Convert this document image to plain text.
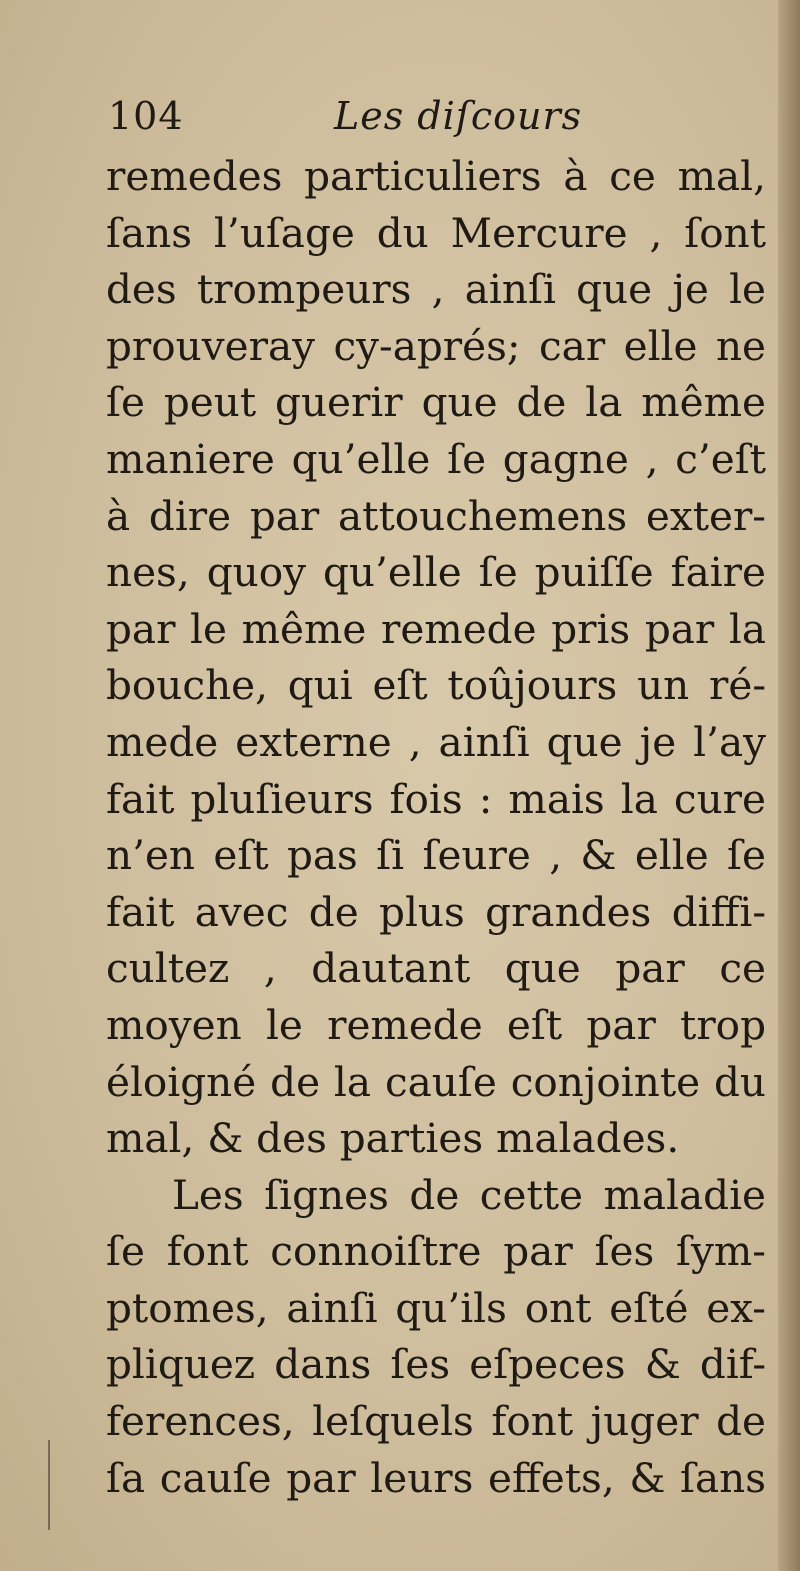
104	Les diſcours
remedes particuliers à ce mal,
ſans l’uſage du Mercure , ſont
des trompeurs , ainſi que je le
prouveray cy-aprés; car elle ne
ſe peut guerir que de la même
maniere qu’elle ſe gagne , c’eſt
à dire par attouchemens exter-
nes, quoy qu’elle ſe puiſſe faire
par le même remede pris par la
bouche, qui eſt toûjours un ré-
mede externe , ainſi que je l’ay
fait pluſieurs fois : mais la cure
n’en eſt pas ſi ſeure , & elle ſe
fait avec de plus grandes diffi-
cultez , dautant que par ce
moyen le remede eſt par trop
éloigné de la cauſe conjointe du
mal, & des parties malades.
Les ſignes de cette maladie
ſe font connoiſtre par ſes ſym-
ptomes, ainſi qu’ils ont eſté ex-
pliquez dans ſes eſpeces & dif-
ferences, leſquels font juger de
ſa cauſe par leurs effets, & ſans
